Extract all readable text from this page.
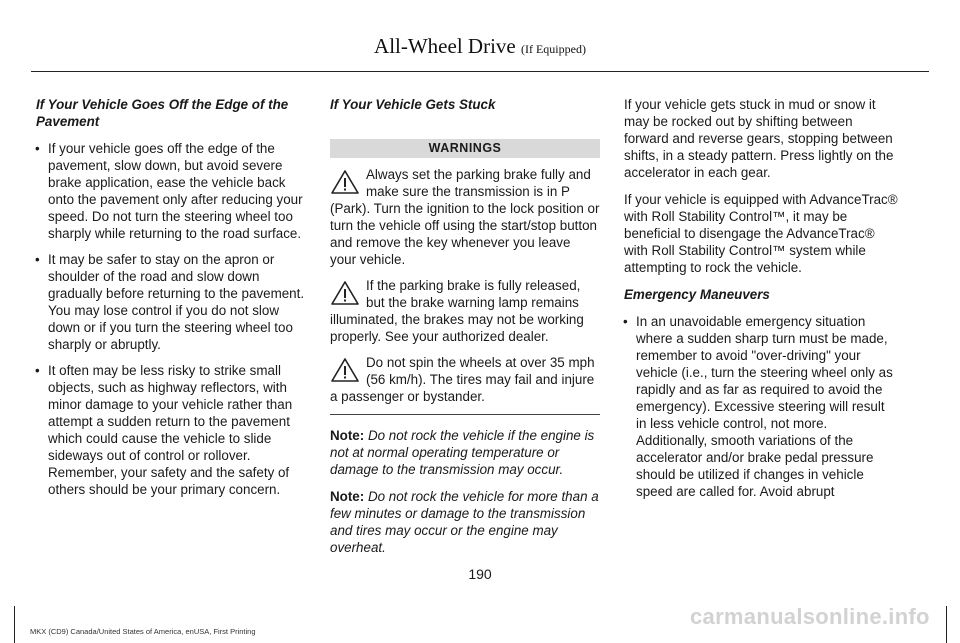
All-Wheel Drive (If Equipped)

If Your Vehicle Goes Off the Edge of the Pavement

• If your vehicle goes off the edge of the pavement, slow down, but avoid severe brake application, ease the vehicle back onto the pavement only after reducing your speed. Do not turn the steering wheel too sharply while returning to the road surface.
• It may be safer to stay on the apron or shoulder of the road and slow down gradually before returning to the pavement. You may lose control if you do not slow down or if you turn the steering wheel too sharply or abruptly.
• It often may be less risky to strike small objects, such as highway reflectors, with minor damage to your vehicle rather than attempt a sudden return to the pavement which could cause the vehicle to slide sideways out of control or rollover. Remember, your safety and the safety of others should be your primary concern.

If Your Vehicle Gets Stuck

WARNINGS
Always set the parking brake fully and make sure the transmission is in P (Park). Turn the ignition to the lock position or turn the vehicle off using the start/stop button and remove the key whenever you leave your vehicle.
If the parking brake is fully released, but the brake warning lamp remains illuminated, the brakes may not be working properly. See your authorized dealer.
Do not spin the wheels at over 35 mph (56 km/h). The tires may fail and injure a passenger or bystander.

Note: Do not rock the vehicle if the engine is not at normal operating temperature or damage to the transmission may occur.

Note: Do not rock the vehicle for more than a few minutes or damage to the transmission and tires may occur or the engine may overheat.

If your vehicle gets stuck in mud or snow it may be rocked out by shifting between forward and reverse gears, stopping between shifts, in a steady pattern. Press lightly on the accelerator in each gear.

If your vehicle is equipped with AdvanceTrac® with Roll Stability Control™, it may be beneficial to disengage the AdvanceTrac® with Roll Stability Control™ system while attempting to rock the vehicle.

Emergency Maneuvers

• In an unavoidable emergency situation where a sudden sharp turn must be made, remember to avoid "over-driving" your vehicle (i.e., turn the steering wheel only as rapidly and as far as required to avoid the emergency). Excessive steering will result in less vehicle control, not more. Additionally, smooth variations of the accelerator and/or brake pedal pressure should be utilized if changes in vehicle speed are called for. Avoid abrupt
190
MKX (CD9) Canada/United States of America, enUSA, First Printing
carmanualsonline.info
